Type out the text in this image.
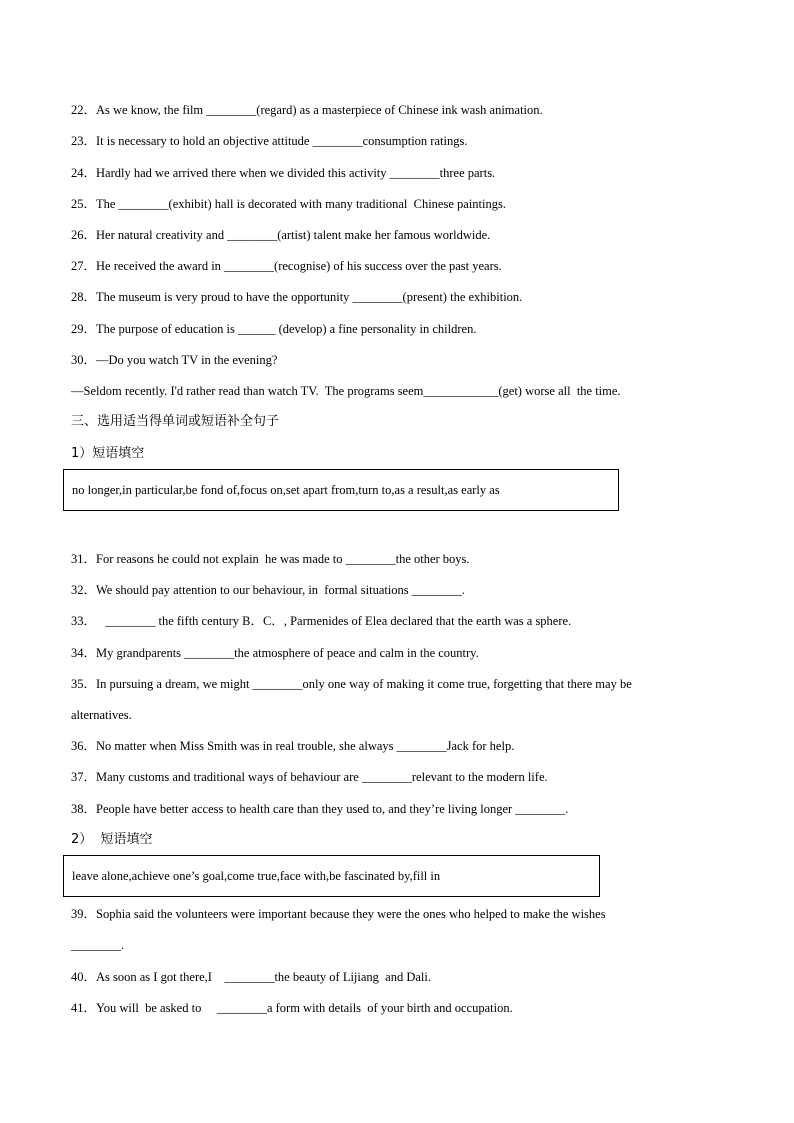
22．As we know, the film ________(regard) as a masterpiece of Chinese ink wash animation.
23．It is necessary to hold an objective attitude ________consumption ratings.
24．Hardly had we arrived there when we divided this activity ________three parts.
25．The ________(exhibit) hall is decorated with many traditional  Chinese paintings.
26．Her natural creativity and ________(artist) talent make her famous worldwide.
27．He received the award in ________(recognise) of his success over the past years.
28．The museum is very proud to have the opportunity ________(present) the exhibition.
29．The purpose of education is ______ (develop) a fine personality in children.
30．—Do you watch TV in the evening?
—Seldom recently. I'd rather read than watch TV.  The programs seem____________(get) worse all  the time.
三、选用适当得单词或短语补全句子
1）短语填空
no longer,in particular,be fond of,focus on,set apart from,turn to,as a result,as early as
31．For reasons he could not explain  he was made to ________the other boys.
32．We should pay attention to our behaviour, in  formal situations ________.
33．   ________ the fifth century B．C．, Parmenides of Elea declared that the earth was a sphere.
34．My grandparents ________the atmosphere of peace and calm in the country.
35．In pursuing a dream, we might ________only one way of making it come true, forgetting that there may be
alternatives.
36．No matter when Miss Smith was in real trouble, she always ________Jack for help.
37．Many customs and traditional ways of behaviour are ________relevant to the modern life.
38．People have better access to health care than they used to, and they’re living longer ________.
2）  短语填空
leave alone,achieve one’s goal,come true,face with,be fascinated by,fill in
39．Sophia said the volunteers were important because they were the ones who helped to make the wishes
________.
40．As soon as I got there,I    ________the beauty of Lijiang  and Dali.
41．You will  be asked to     ________a form with details  of your birth and occupation.
